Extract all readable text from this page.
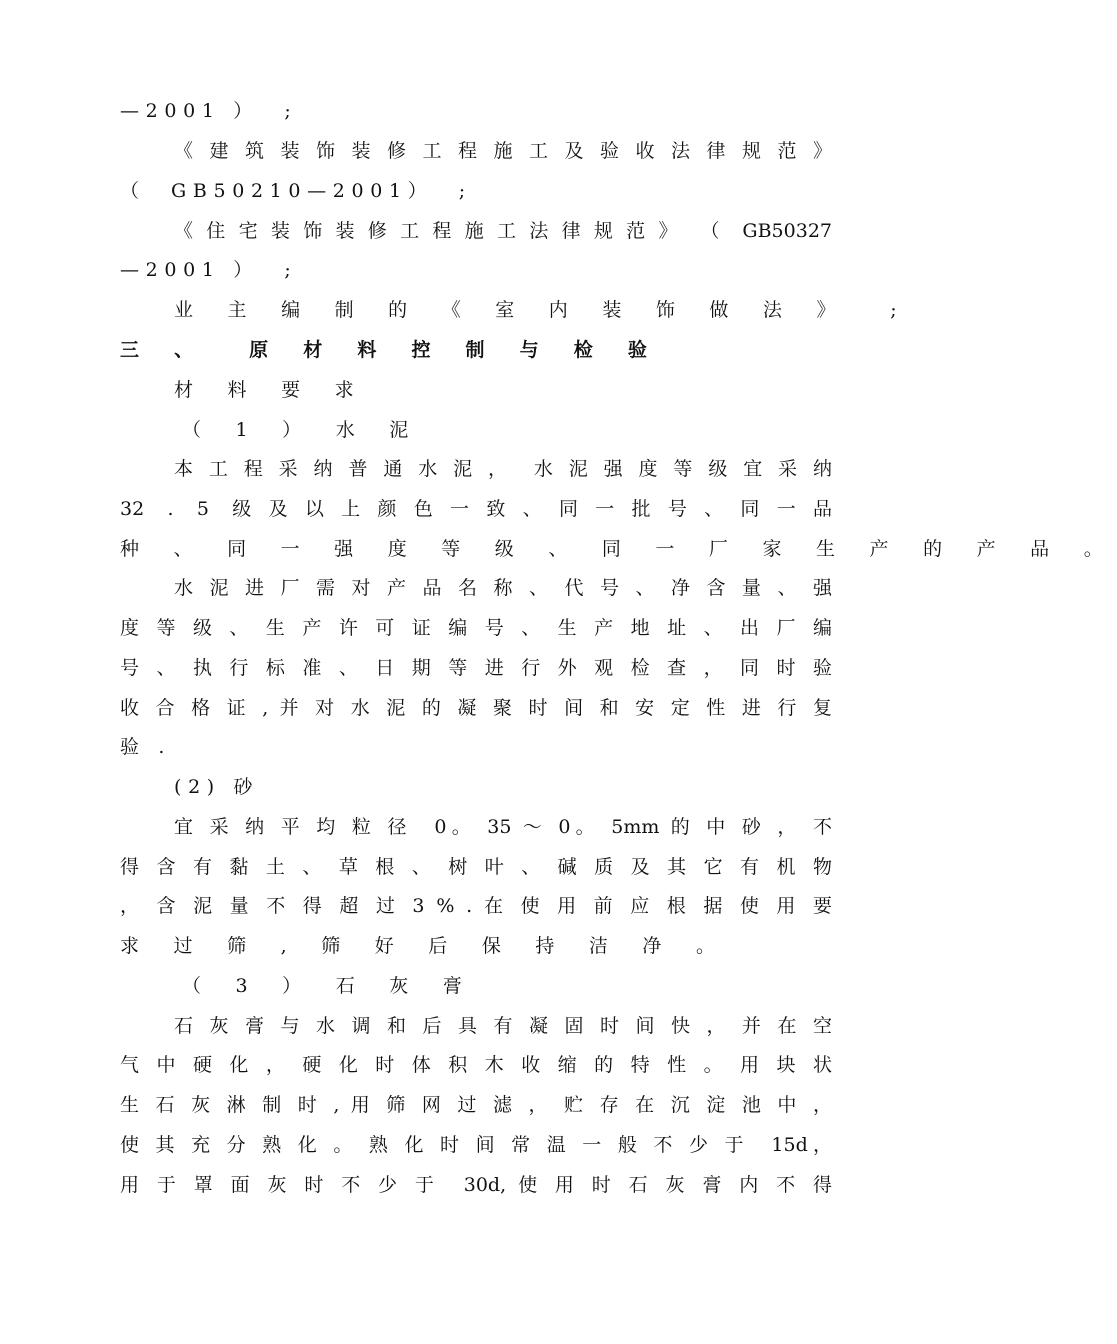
—2001 ）  ;

《 建 筑 装 饰 装 修 工 程 施 工 及 验 收 法 律 规 范 》

（  GB50210—2001）  ;

《 住 宅 装 饰 装 修 工 程 施 工 法 律 规 范 》  （  GB50327

—2001 ）  ;

业 主 编 制 的 《 室 内 装 饰 做 法 》  ;

三 、  原 材 料 控 制 与 检 验

材 料 要 求

（ 1 ） 水 泥

本 工 程 采 纳 普 通 水 泥 ，  水 泥 强 度 等 级 宜 采 纳

32  .  5  级 及 以 上 颜 色 一 致 、 同 一 批 号 、 同 一 品

种 、 同 一 强 度 等 级 、 同 一 厂 家 生 产 的 产 品 。

水 泥 进 厂 需 对 产 品 名 称 、 代 号 、 净 含 量 、 强

度 等 级 、 生 产 许 可 证 编 号 、 生 产 地 址 、 出 厂 编

号 、 执 行 标 准 、 日 期 等 进 行 外 观 检 查 ， 同 时 验

收 合 格 证 , 并 对 水 泥 的 凝 聚 时 间 和 安 定 性 进 行 复

验 .

(2) 砂

宜 采 纳 平 均 粒 径  0。 35 ～ 0。 5mm 的 中 砂 ， 不

得 含 有 黏 土 、 草 根 、 树 叶 、 碱 质 及 其 它 有 机 物

， 含 泥 量 不 得 超 过 3 % . 在 使 用 前 应 根 据 使 用 要

求 过 筛 , 筛 好 后 保 持 洁 净 。

（ 3 ） 石 灰 膏

石 灰 膏 与 水 调 和 后 具 有 凝 固 时 间 快 ， 并 在 空

气 中 硬 化 ， 硬 化 时 体 积 木 收 缩 的 特 性 。 用 块 状

生 石 灰 淋 制 时 , 用 筛 网 过 滤 ， 贮 存 在 沉 淀 池 中 ，

使 其 充 分 熟 化 。 熟 化 时 间 常 温 一 般 不 少 于  15d，

用 于 罩 面 灰 时 不 少 于  30d, 使 用 时 石 灰 膏 内 不 得
